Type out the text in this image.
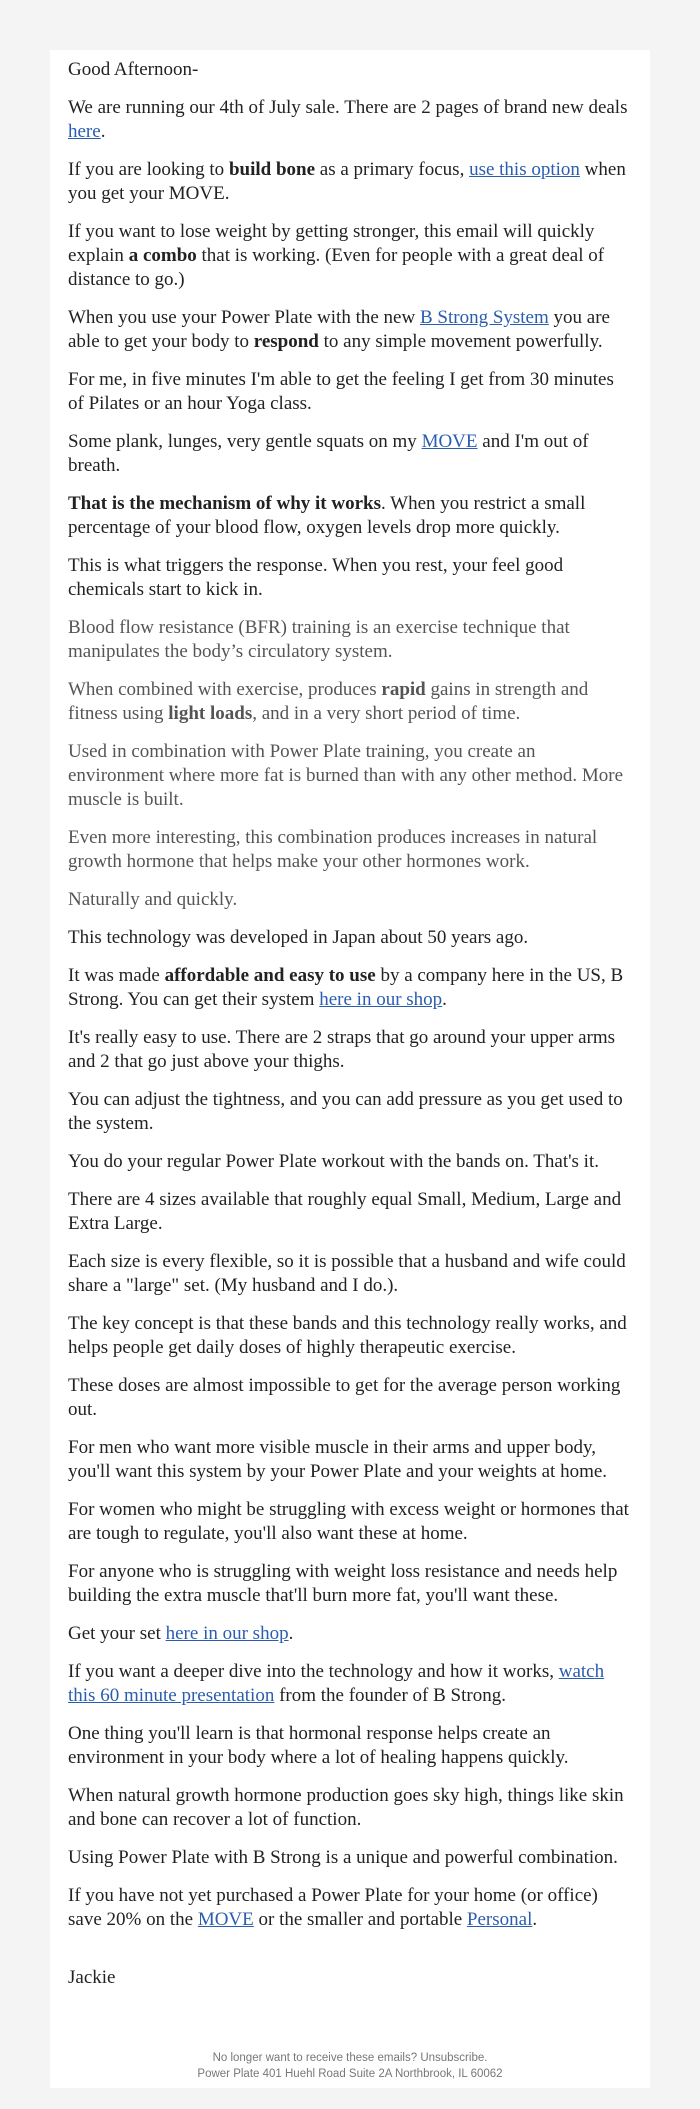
Good Afternoon-

We are running our 4th of July sale. There are 2 pages of brand new deals here.

If you are looking to build bone as a primary focus, use this option when you get your MOVE.

If you want to lose weight by getting stronger, this email will quickly explain a combo that is working. (Even for people with a great deal of distance to go.)

When you use your Power Plate with the new B Strong System you are able to get your body to respond to any simple movement powerfully.

For me, in five minutes I'm able to get the feeling I get from 30 minutes of Pilates or an hour Yoga class.

Some plank, lunges, very gentle squats on my MOVE and I'm out of breath.

That is the mechanism of why it works. When you restrict a small percentage of your blood flow, oxygen levels drop more quickly.

This is what triggers the response. When you rest, your feel good chemicals start to kick in.

Blood flow resistance (BFR) training is an exercise technique that manipulates the body’s circulatory system.

When combined with exercise, produces rapid gains in strength and fitness using light loads, and in a very short period of time.

Used in combination with Power Plate training, you create an environment where more fat is burned than with any other method. More muscle is built.

Even more interesting, this combination produces increases in natural growth hormone that helps make your other hormones work.

Naturally and quickly.

This technology was developed in Japan about 50 years ago.

It was made affordable and easy to use by a company here in the US, B Strong. You can get their system here in our shop.

It's really easy to use. There are 2 straps that go around your upper arms and 2 that go just above your thighs.

You can adjust the tightness, and you can add pressure as you get used to the system.

You do your regular Power Plate workout with the bands on. That's it.

There are 4 sizes available that roughly equal Small, Medium, Large and Extra Large.

Each size is every flexible, so it is possible that a husband and wife could share a "large" set. (My husband and I do.).

The key concept is that these bands and this technology really works, and helps people get daily doses of highly therapeutic exercise.

These doses are almost impossible to get for the average person working out.

For men who want more visible muscle in their arms and upper body, you'll want this system by your Power Plate and your weights at home.

For women who might be struggling with excess weight or hormones that are tough to regulate, you'll also want these at home.

For anyone who is struggling with weight loss resistance and needs help building the extra muscle that'll burn more fat, you'll want these.

Get your set here in our shop.

If you want a deeper dive into the technology and how it works, watch this 60 minute presentation from the founder of B Strong.

One thing you'll learn is that hormonal response helps create an environment in your body where a lot of healing happens quickly.

When natural growth hormone production goes sky high, things like skin and bone can recover a lot of function.

Using Power Plate with B Strong is a unique and powerful combination.

If you have not yet purchased a Power Plate for your home (or office) save 20% on the MOVE or the smaller and portable Personal.

Jackie

No longer want to receive these emails? Unsubscribe.
Power Plate 401 Huehl Road Suite 2A Northbrook, IL 60062
